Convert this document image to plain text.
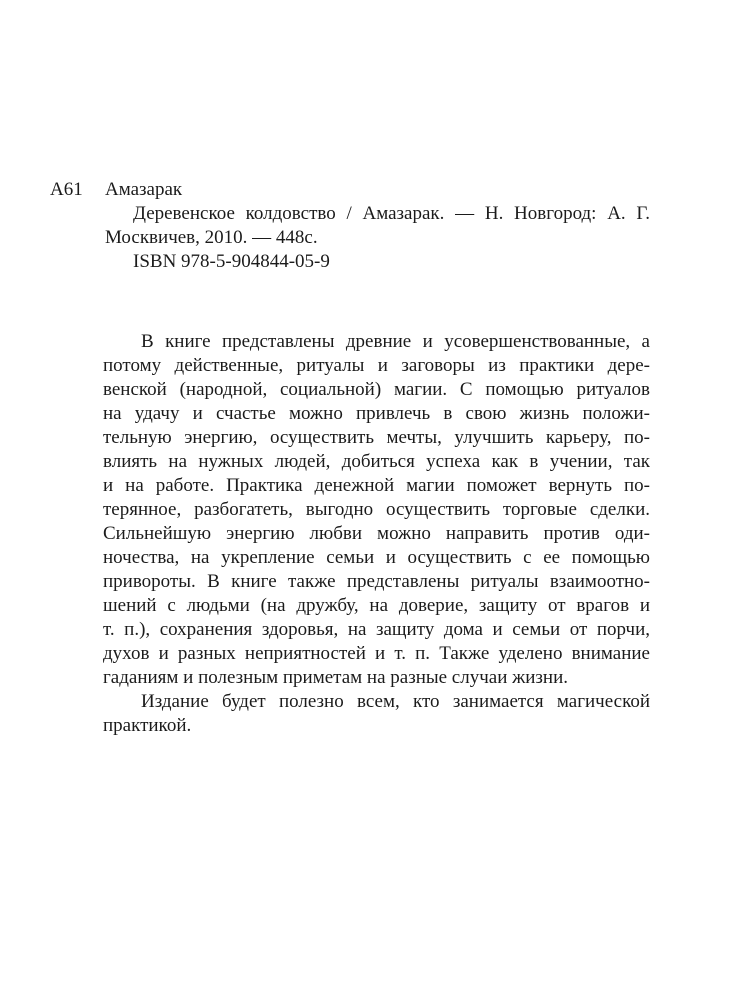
А61 Амазарак
Деревенское колдовство / Амазарак. — Н. Новгород: А. Г.
Москвичев, 2010. — 448с.
ISBN 978-5-904844-05-9
В книге представлены древние и усовершенствованные, а
потому действенные, ритуалы и заговоры из практики дере-
венской (народной, социальной) магии. С помощью ритуалов
на удачу и счастье можно привлечь в свою жизнь положи-
тельную энергию, осуществить мечты, улучшить карьеру, по-
влиять на нужных людей, добиться успеха как в учении, так
и на работе. Практика денежной магии поможет вернуть по-
терянное, разбогатеть, выгодно осуществить торговые сделки.
Сильнейшую энергию любви можно направить против оди-
ночества, на укрепление семьи и осуществить с ее помощью
привороты. В книге также представлены ритуалы взаимоотно-
шений с людьми (на дружбу, на доверие, защиту от врагов и
т. п.), сохранения здоровья, на защиту дома и семьи от порчи,
духов и разных неприятностей и т. п. Также уделено внимание
гаданиям и полезным приметам на разные случаи жизни.
Издание будет полезно всем, кто занимается магической
практикой.
